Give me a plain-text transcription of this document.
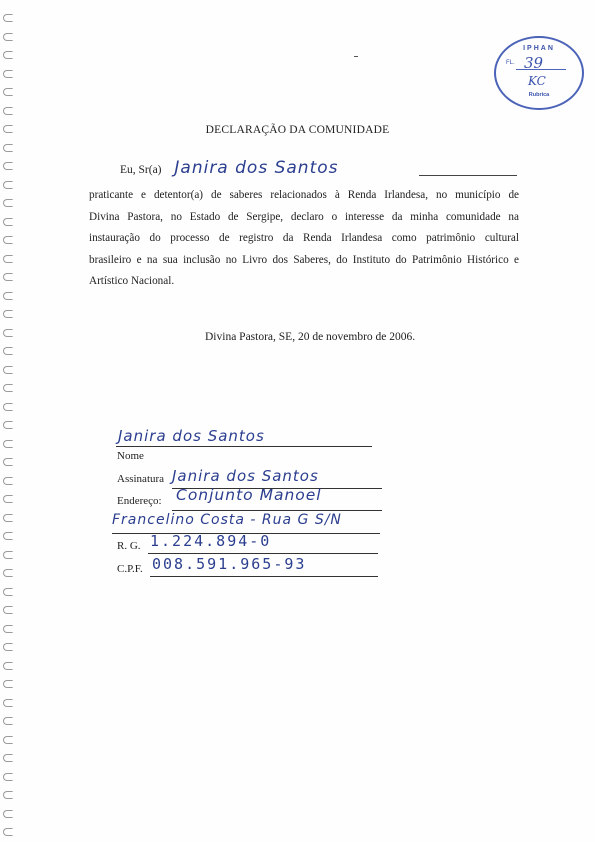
IPHAN
FL. 39
KC
Rubrica
DECLARAÇÃO DA COMUNIDADE
Eu, Sr(a) Janira dos Santos
praticante e detentor(a) de saberes relacionados à Renda Irlandesa, no município de
Divina Pastora, no Estado de Sergipe, declaro o interesse da minha comunidade na
instauração do processo de registro da Renda Irlandesa como patrimônio cultural
brasileiro e na sua inclusão no Livro dos Saberes, do Instituto do Patrimônio Histórico e
Artístico Nacional.
Divina Pastora, SE, 20 de novembro de 2006.
Janira dos Santos
Nome
Assinatura Janira dos Santos
Endereço: Conjunto Manoel
Francelino Costa - Rua G S/N
R. G. 1.224.894-0
C.P.F. 008.591.965-93
